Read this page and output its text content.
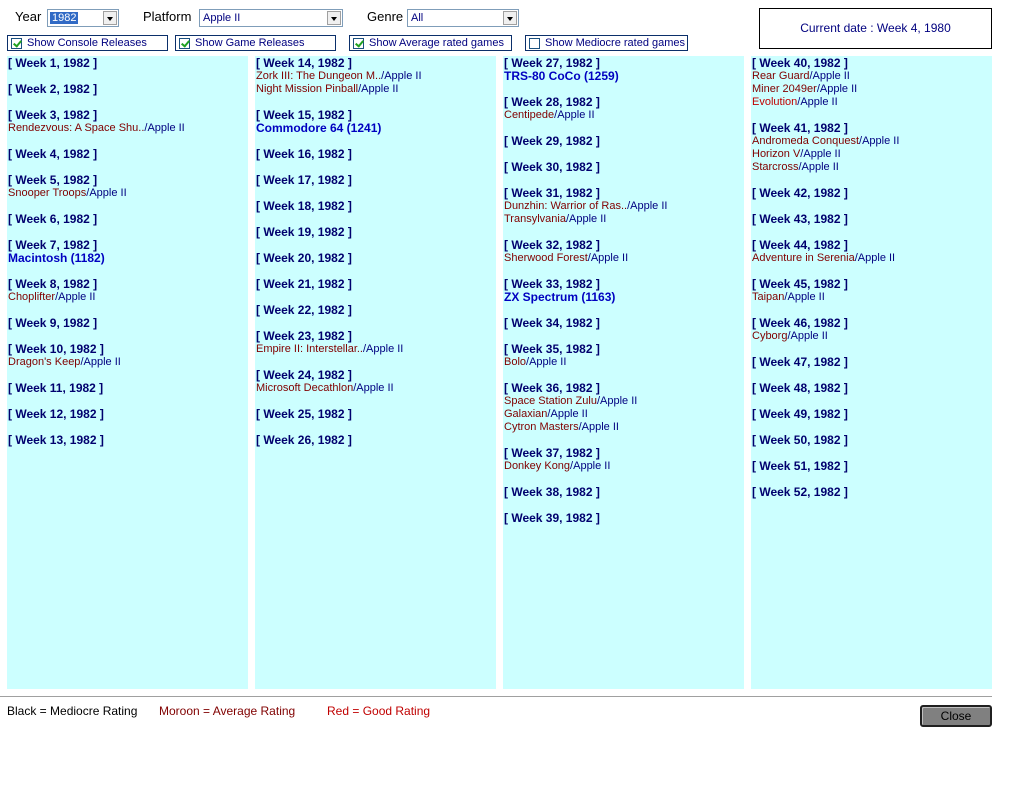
Year 1982	Platform Apple II	Genre All
Show Console Releases	Show Game Releases	Show Average rated games	Show Mediocre rated games
Current date : Week 4, 1980
[ Week 1, 1982 ]
[ Week 2, 1982 ]
[ Week 3, 1982 ]
Rendezvous: A Space Shu../Apple II
[ Week 4, 1982 ]
[ Week 5, 1982 ]
Snooper Troops/Apple II
[ Week 6, 1982 ]
[ Week 7, 1982 ]
Macintosh (1182)
[ Week 8, 1982 ]
Choplifter/Apple II
[ Week 9, 1982 ]
[ Week 10, 1982 ]
Dragon's Keep/Apple II
[ Week 11, 1982 ]
[ Week 12, 1982 ]
[ Week 13, 1982 ]
[ Week 14, 1982 ]
Zork III: The Dungeon M../Apple II
Night Mission Pinball/Apple II
[ Week 15, 1982 ]
Commodore 64 (1241)
[ Week 16, 1982 ]
[ Week 17, 1982 ]
[ Week 18, 1982 ]
[ Week 19, 1982 ]
[ Week 20, 1982 ]
[ Week 21, 1982 ]
[ Week 22, 1982 ]
[ Week 23, 1982 ]
Empire II: Interstellar../Apple II
[ Week 24, 1982 ]
Microsoft Decathlon/Apple II
[ Week 25, 1982 ]
[ Week 26, 1982 ]
[ Week 27, 1982 ]
TRS-80 CoCo (1259)
[ Week 28, 1982 ]
Centipede/Apple II
[ Week 29, 1982 ]
[ Week 30, 1982 ]
[ Week 31, 1982 ]
Dunzhin: Warrior of Ras../Apple II
Transylvania/Apple II
[ Week 32, 1982 ]
Sherwood Forest/Apple II
[ Week 33, 1982 ]
ZX Spectrum (1163)
[ Week 34, 1982 ]
[ Week 35, 1982 ]
Bolo/Apple II
[ Week 36, 1982 ]
Space Station Zulu/Apple II
Galaxian/Apple II
Cytron Masters/Apple II
[ Week 37, 1982 ]
Donkey Kong/Apple II
[ Week 38, 1982 ]
[ Week 39, 1982 ]
[ Week 40, 1982 ]
Rear Guard/Apple II
Miner 2049er/Apple II
Evolution/Apple II
[ Week 41, 1982 ]
Andromeda Conquest/Apple II
Horizon V/Apple II
Starcross/Apple II
[ Week 42, 1982 ]
[ Week 43, 1982 ]
[ Week 44, 1982 ]
Adventure in Serenia/Apple II
[ Week 45, 1982 ]
Taipan/Apple II
[ Week 46, 1982 ]
Cyborg/Apple II
[ Week 47, 1982 ]
[ Week 48, 1982 ]
[ Week 49, 1982 ]
[ Week 50, 1982 ]
[ Week 51, 1982 ]
[ Week 52, 1982 ]
Black = Mediocre Rating Moroon = Average Rating	Red = Good Rating	Close
